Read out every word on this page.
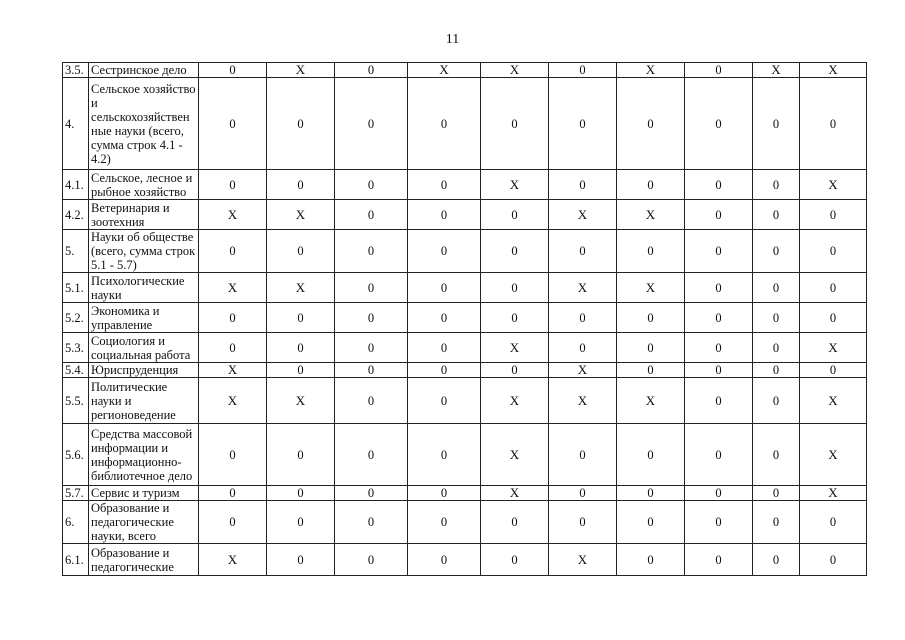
11
3.5.	Сестринское дело	0	X	0	X	X	0	X	0	X	X
4.	Сельское хозяйство и сельскохозяйствен ные науки (всего, сумма строк 4.1 - 4.2)	0	0	0	0	0	0	0	0	0	0
4.1.	Сельское, лесное и рыбное хозяйство	0	0	0	0	X	0	0	0	0	X
4.2.	Ветеринария и зоотехния	X	X	0	0	0	X	X	0	0	0
5.	Науки об обществе (всего, сумма строк 5.1 - 5.7)	0	0	0	0	0	0	0	0	0	0
5.1.	Психологические науки	X	X	0	0	0	X	X	0	0	0
5.2.	Экономика и управление	0	0	0	0	0	0	0	0	0	0
5.3.	Социология и социальная работа	0	0	0	0	X	0	0	0	0	X
5.4.	Юриспруденция	X	0	0	0	0	X	0	0	0	0
5.5.	Политические науки и регионоведение	X	X	0	0	X	X	X	0	0	X
5.6.	Средства массовой информации и информационно-библиотечное дело	0	0	0	0	X	0	0	0	0	X
5.7.	Сервис и туризм	0	0	0	0	X	0	0	0	0	X
6.	Образование и педагогические науки, всего	0	0	0	0	0	0	0	0	0	0
6.1.	Образование и педагогические	X	0	0	0	0	X	0	0	0	0
